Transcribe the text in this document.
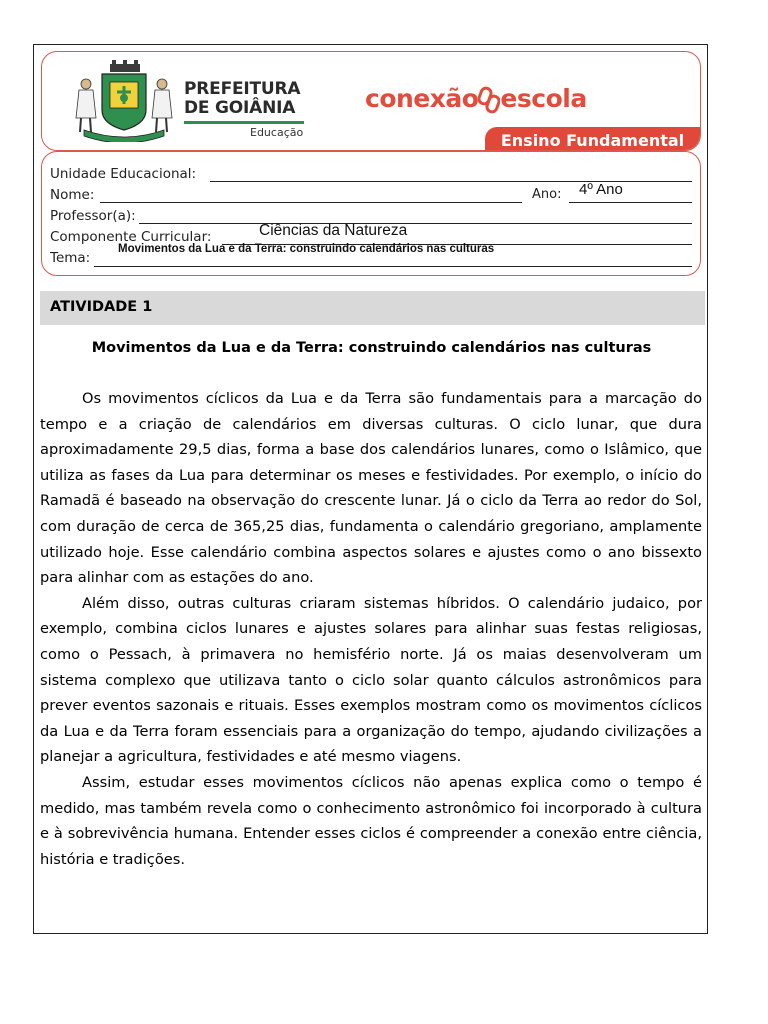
PREFEITURA
DE GOIÂNIA
Educação
conexão escola
Ensino Fundamental
Unidade Educacional:
Nome:	Ano: 4º Ano
Professor(a):
Componente Curricular:	Ciências da Natureza
Tema:
Movimentos da Lua e da Terra: construindo calendários nas culturas
ATIVIDADE 1
Movimentos da Lua e da Terra: construindo calendários nas culturas

Os movimentos cíclicos da Lua e da Terra são fundamentais para a marcação do tempo e a criação de calendários em diversas culturas. O ciclo lunar, que dura aproximadamente 29,5 dias, forma a base dos calendários lunares, como o Islâmico, que utiliza as fases da Lua para determinar os meses e festividades. Por exemplo, o início do Ramadã é baseado na observação do crescente lunar. Já o ciclo da Terra ao redor do Sol, com duração de cerca de 365,25 dias, fundamenta o calendário gregoriano, amplamente utilizado hoje. Esse calendário combina aspectos solares e ajustes como o ano bissexto para alinhar com as estações do ano.

Além disso, outras culturas criaram sistemas híbridos. O calendário judaico, por exemplo, combina ciclos lunares e ajustes solares para alinhar suas festas religiosas, como o Pessach, à primavera no hemisfério norte. Já os maias desenvolveram um sistema complexo que utilizava tanto o ciclo solar quanto cálculos astronômicos para prever eventos sazonais e rituais. Esses exemplos mostram como os movimentos cíclicos da Lua e da Terra foram essenciais para a organização do tempo, ajudando civilizações a planejar a agricultura, festividades e até mesmo viagens.

Assim, estudar esses movimentos cíclicos não apenas explica como o tempo é medido, mas também revela como o conhecimento astronômico foi incorporado à cultura e à sobrevivência humana. Entender esses ciclos é compreender a conexão entre ciência, história e tradições.
